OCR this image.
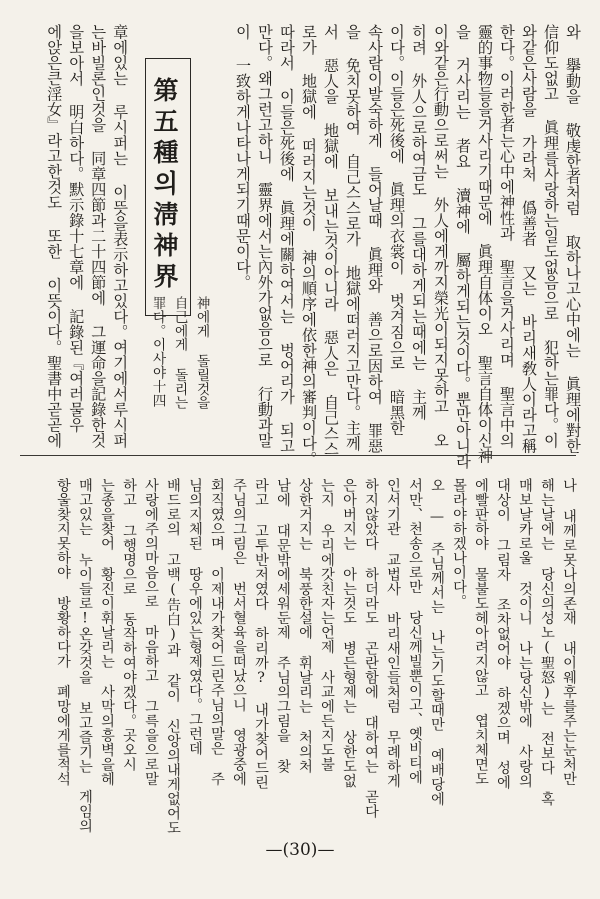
와 擧動을 敬虔한者처럼 取하나고心中에는 眞理에對한
信仰도없고 眞理를사랑하는일도없음으로 犯하는罪다。이
와같은사람을 가라처 僞善者 又는 바리새敎人이라고稱
한다。이러한者는心中에神性과 聖言을거사리며 聖言中의
靈的事物들을거사리기때문에 眞理自体이오 聖言自体이신神
을 거사리는 者요 瀆神에 屬하게되는것이다。뿐만아니라
이와같은行動으로써는 外人에게까지榮光이되지못하고 오
히려 外人으로하여금도 그를대하게되는때에는 主께
이다。이들은死後에 眞理의衣裳이 벗겨짐으로 暗黑한
속사람이발숙하게 들어날때 眞理와 善으로因하여 罪惡
을 免치못하여 自己스스로가 地獄에떠러지고만다。主께
서 惡人을 地獄에 보내는것이아니라 惡人은 自己스스
로가 地獄에 떠러지는것이 神의順序에依한神의審判이다。
따라서 이들은死後에 眞理에關하여서는 벙어리가 되고
만다。왜그런고하니 靈界에서는內外가없음으로 行動과말
이 一致하게나타나게되기때문이다。
神에게 돌릴것을
自己에게 돌리는
罪다。이사야十四
章에있는 루시퍼는 이뜻을表示하고있다。여기에서루시퍼
는바빌론인것을 同章四節과二十四節에 그運命을記錄한것
을보아서 明白하다。默示錄十七章에 記錄된『여러물우
에앉은큰淫女』라고한것도 또한 이뜻이다。聖書中곧곧에	第五種의淸神界
나 내께로못나의존재 내이웨후를주는눈처만
해는날에는 당신의성노(聖怒)는 전보다 혹
매보날카로울 것이니 나는당신밖에 사랑의
대상이 그림자 조차없어야 하겠으며 성에
에빨판하야 물불도헤아려지않고 엽치체면도
몰라야하겠나이다。
오 — 주님께서는 나는기도할때만 예배당에
서만、천송으로만 당신께빌뿐이고、옛비티에
인서기관 교법사 바리새인들처럼 무례하게
하지않았다 하더라도 곤란함에 대하여는 곧다
은아버지는 아는것도 병든형제는 상한도없
는지 우리에갓친자는언제 사교에든지도불
상한거지는 북풍한설에 휘날리는 처의처
남에 대문밖에세워둔제 주님의그림을 찾
라고 고투반저였다 하리까? 내가찾어드린
주님의그림은 번서혈육을떠났으니 영광중에
회직였으며 이제내가찾어드린주님의말은 주
님의지체된 땅우에있는형제였다。그런데
배드로의 고백(告白)과 같이 신앙의내게없어도
사랑에주의마음으로 마음하고 그륵을으로말
하고 그행명으로 동작하여야겠다。곳오시
는종을찾어 황진이휘날리는 사막의흥벽을헤
매고있는 누이들로!온갖것을 보고즐기는 게임의
항울찾지못하야 방황하다가 폐망에게를적석
—(30)—
